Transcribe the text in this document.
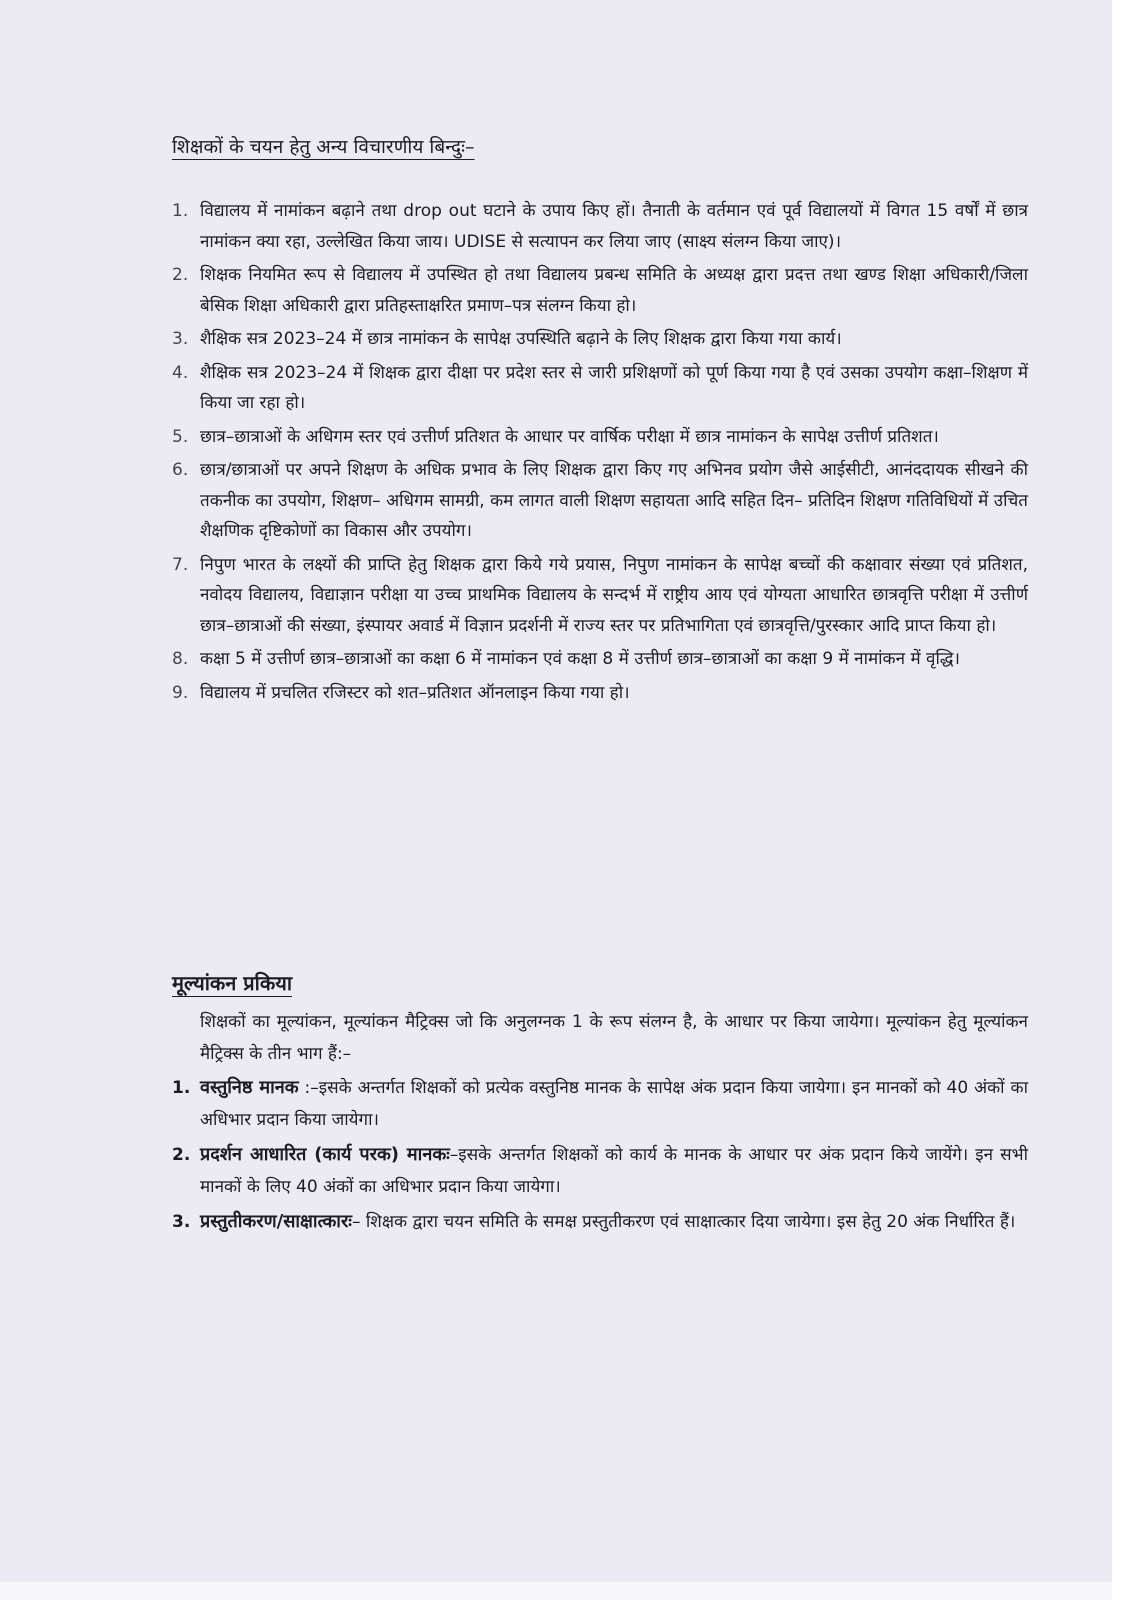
शिक्षकों के चयन हेतु अन्य विचारणीय बिन्दुः–
1. विद्यालय में नामांकन बढ़ाने तथा drop out घटाने के उपाय किए हों। तैनाती के वर्तमान एवं पूर्व विद्यालयों में विगत 15 वर्षों में छात्र नामांकन क्या रहा, उल्लेखित किया जाय। UDISE से सत्यापन कर लिया जाए (साक्ष्य संलग्न किया जाए)।
2. शिक्षक नियमित रूप से विद्यालय में उपस्थित हो तथा विद्यालय प्रबन्ध समिति के अध्यक्ष द्वारा प्रदत्त तथा खण्ड शिक्षा अधिकारी/जिला बेसिक शिक्षा अधिकारी द्वारा प्रतिहस्ताक्षरित प्रमाण–पत्र संलग्न किया हो।
3. शैक्षिक सत्र 2023–24 में छात्र नामांकन के सापेक्ष उपस्थिति बढ़ाने के लिए शिक्षक द्वारा किया गया कार्य।
4. शैक्षिक सत्र 2023–24 में शिक्षक द्वारा दीक्षा पर प्रदेश स्तर से जारी प्रशिक्षणों को पूर्ण किया गया है एवं उसका उपयोग कक्षा–शिक्षण में किया जा रहा हो।
5. छात्र–छात्राओं के अधिगम स्तर एवं उत्तीर्ण प्रतिशत के आधार पर वार्षिक परीक्षा में छात्र नामांकन के सापेक्ष उत्तीर्ण प्रतिशत।
6. छात्र/छात्राओं पर अपने शिक्षण के अधिक प्रभाव के लिए शिक्षक द्वारा किए गए अभिनव प्रयोग जैसे आईसीटी, आनंददायक सीखने की तकनीक का उपयोग, शिक्षण– अधिगम सामग्री, कम लागत वाली शिक्षण सहायता आदि सहित दिन– प्रतिदिन शिक्षण गतिविधियों में उचित शैक्षणिक दृष्टिकोणों का विकास और उपयोग।
7. निपुण भारत के लक्ष्यों की प्राप्ति हेतु शिक्षक द्वारा किये गये प्रयास, निपुण नामांकन के सापेक्ष बच्चों की कक्षावार संख्या एवं प्रतिशत, नवोदय विद्यालय, विद्याज्ञान परीक्षा या उच्च प्राथमिक विद्यालय के सन्दर्भ में राष्ट्रीय आय एवं योग्यता आधारित छात्रवृत्ति परीक्षा में उत्तीर्ण छात्र–छात्राओं की संख्या, इंस्पायर अवार्ड में विज्ञान प्रदर्शनी में राज्य स्तर पर प्रतिभागिता एवं छात्रवृत्ति/पुरस्कार आदि प्राप्त किया हो।
8. कक्षा 5 में उत्तीर्ण छात्र–छात्राओं का कक्षा 6 में नामांकन एवं कक्षा 8 में उत्तीर्ण छात्र–छात्राओं का कक्षा 9 में नामांकन में वृद्धि।
9. विद्यालय में प्रचलित रजिस्टर को शत–प्रतिशत ऑनलाइन किया गया हो।
मूल्यांकन प्रकिया

शिक्षकों का मूल्यांकन, मूल्यांकन मैट्रिक्स जो कि अनुलग्नक 1 के रूप संलग्न है, के आधार पर किया जायेगा। मूल्यांकन हेतु मूल्यांकन मैट्रिक्स के तीन भाग हैं:–

1. वस्तुनिष्ठ मानक :–इसके अन्तर्गत शिक्षकों को प्रत्येक वस्तुनिष्ठ मानक के सापेक्ष अंक प्रदान किया जायेगा। इन मानकों को 40 अंकों का अधिभार प्रदान किया जायेगा।
2. प्रदर्शन आधारित (कार्य परक) मानकः–इसके अन्तर्गत शिक्षकों को कार्य के मानक के आधार पर अंक प्रदान किये जायेंगे। इन सभी मानकों के लिए 40 अंकों का अधिभार प्रदान किया जायेगा।
3. प्रस्तुतीकरण/साक्षात्कारः– शिक्षक द्वारा चयन समिति के समक्ष प्रस्तुतीकरण एवं साक्षात्कार दिया जायेगा। इस हेतु 20 अंक निर्धारित हैं।
